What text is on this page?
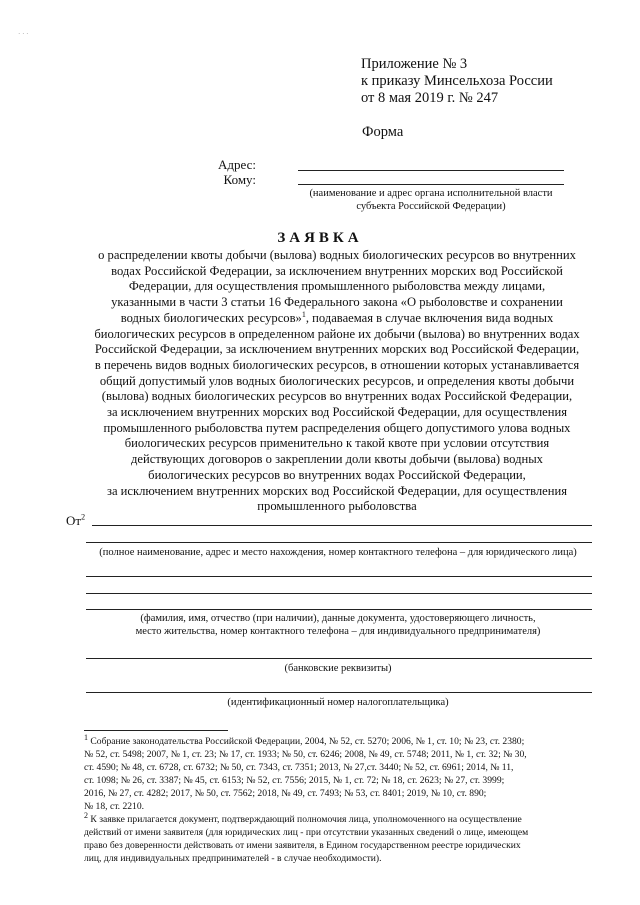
· · ·
Приложение № 3
к приказу Минсельхоза России
от 8 мая 2019 г. № 247
Форма
Адрес:
Кому:
(наименование и адрес органа исполнительной власти
субъекта Российской Федерации)
ЗАЯВКА
о распределении квоты добычи (вылова) водных биологических ресурсов во внутренних
водах Российской Федерации, за исключением внутренних морских вод Российской
Федерации, для осуществления промышленного рыболовства между лицами,
указанными в части 3 статьи 16 Федерального закона «О рыболовстве и сохранении
водных биологических ресурсов»$^1$, подаваемая в случае включения вида водных
биологических ресурсов в определенном районе их добычи (вылова) во внутренних водах
Российской Федерации, за исключением внутренних морских вод Российской Федерации,
в перечень видов водных биологических ресурсов, в отношении которых устанавливается
общий допустимый улов водных биологических ресурсов, и определения квоты добычи
(вылова) водных биологических ресурсов во внутренних водах Российской Федерации,
за исключением внутренних морских вод Российской Федерации, для осуществления
промышленного рыболовства путем распределения общего допустимого улова водных
биологических ресурсов применительно к такой квоте при условии отсутствия
действующих договоров о закреплении доли квоты добычи (вылова) водных
биологических ресурсов во внутренних водах Российской Федерации,
за исключением внутренних морских вод Российской Федерации, для осуществления
промышленного рыболовства
$От^2$
(полное наименование, адрес и место нахождения, номер контактного телефона – для юридического лица)
(фамилия, имя, отчество (при наличии), данные документа, удостоверяющего личность,
место жительства, номер контактного телефона – для индивидуального предпринимателя)
(банковские реквизиты)
(идентификационный номер налогоплательщика)
$^1$ Собрание законодательства Российской Федерации, 2004, № 52, ст. 5270; 2006, № 1, ст. 10; № 23, ст. 2380;
№ 52, ст. 5498; 2007, № 1, ст. 23; № 17, ст. 1933; № 50, ст. 6246; 2008, № 49, ст. 5748; 2011, № 1, ст. 32; № 30,
ст. 4590; № 48, ст. 6728, ст. 6732; № 50, ст. 7343, ст. 7351; 2013, № 27,ст. 3440; № 52, ст. 6961; 2014, № 11,
ст. 1098; № 26, ст. 3387; № 45, ст. 6153; № 52, ст. 7556; 2015, № 1, ст. 72; № 18, ст. 2623; № 27, ст. 3999;
2016, № 27, ст. 4282; 2017, № 50, ст. 7562; 2018, № 49, ст. 7493; № 53, ст. 8401; 2019, № 10, ст. 890;
№ 18, ст. 2210.
$^2$ К заявке прилагается документ, подтверждающий полномочия лица, уполномоченного на осуществление
действий от имени заявителя (для юридических лиц - при отсутствии указанных сведений о лице, имеющем
право без доверенности действовать от имени заявителя, в Едином государственном реестре юридических
лиц, для индивидуальных предпринимателей - в случае необходимости).
